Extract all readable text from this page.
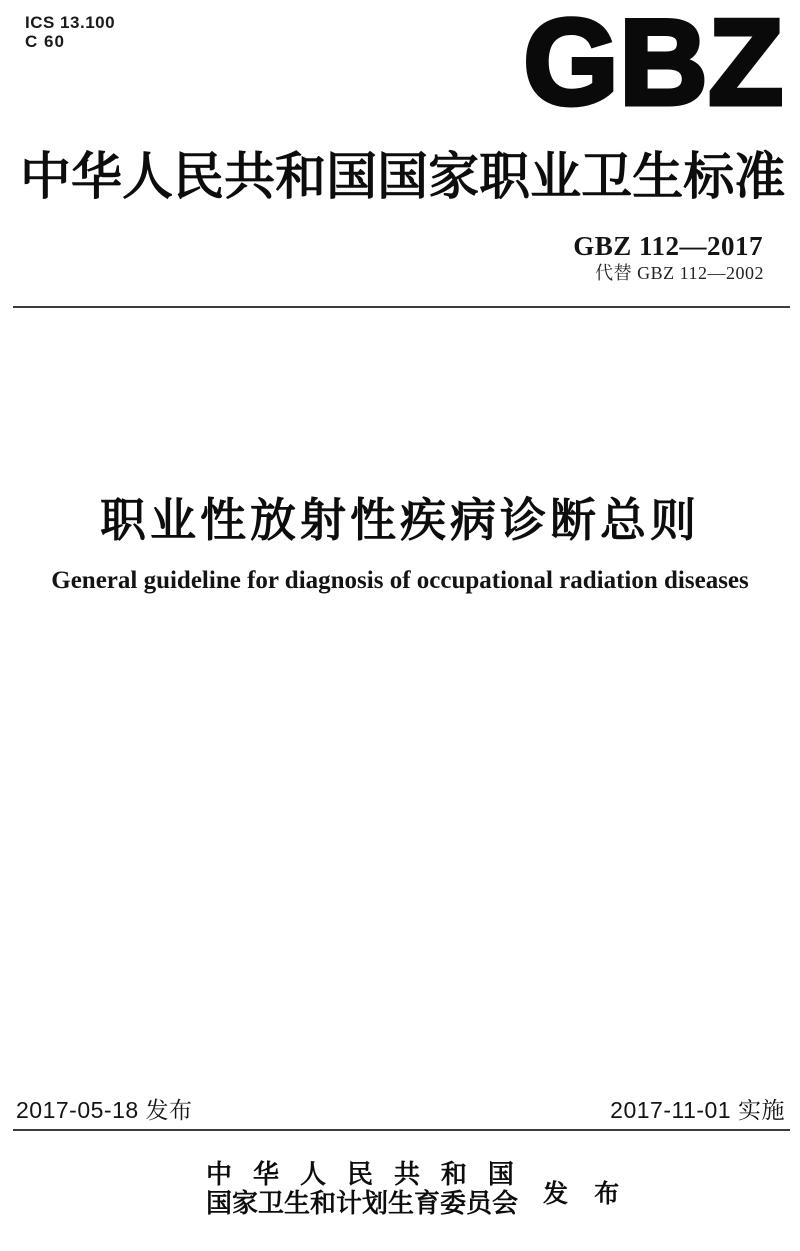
ICS 13.100
C 60	GBZ
中 华 人 民 共 和 国 国 家 职 业 卫 生 标 准
GBZ 112—2017
代替 GBZ 112—2002
职业性放射性疾病诊断总则
General guideline for diagnosis of occupational radiation diseases
2017-05-18 发布	2017-11-01 实施
中 华 人 民 共 和 国
国家卫生和计划生育委员会 发 布
